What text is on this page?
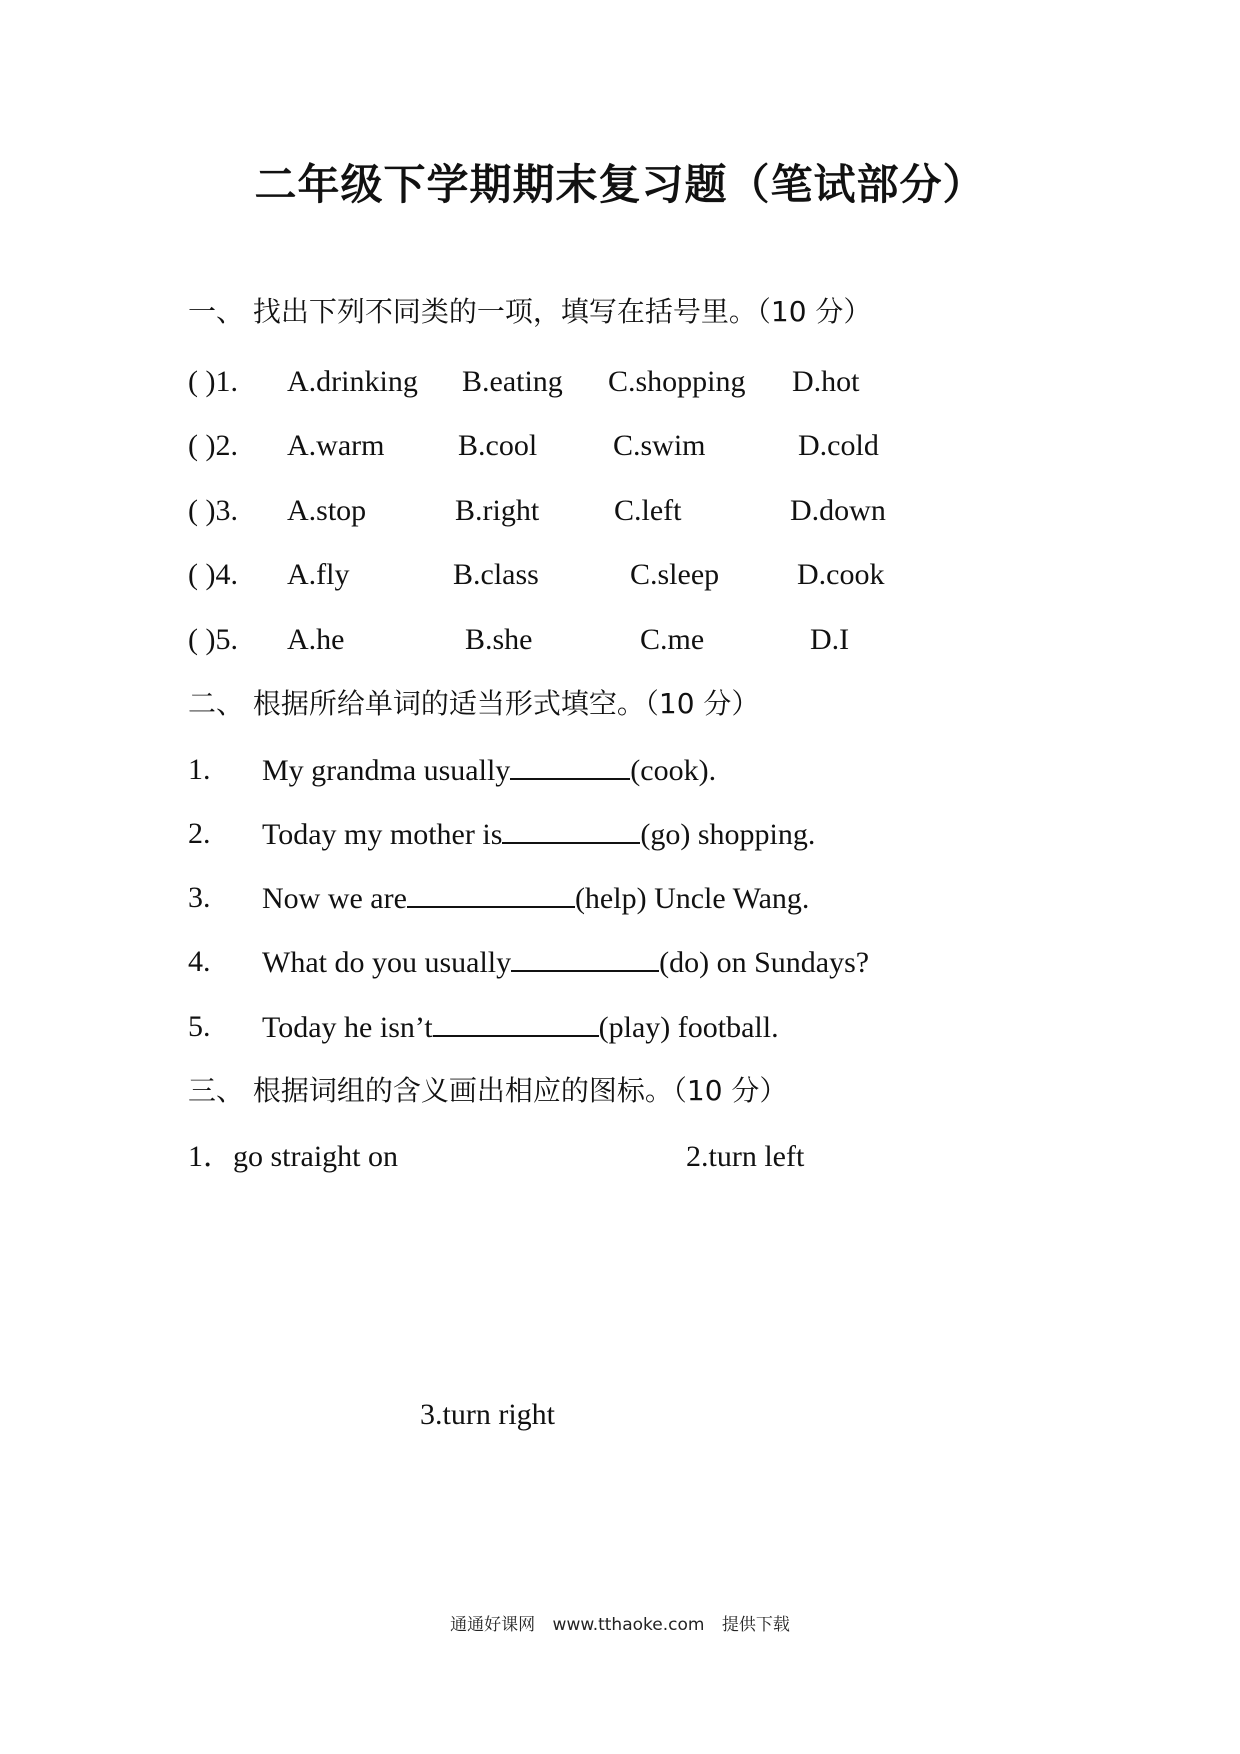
二年级下学期期末复习题（笔试部分）
一、 找出下列不同类的一项，填写在括号里。（10 分）
( )1. A.drinking B.eating C.shopping D.hot
( )2. A.warm B.cool	C.swim	D.cold
( )3. A.stop	B.right C.left	D.down
( )4. A.fly	B.class	C.sleep	D.cook
( )5. A.he	B.she	C.me	D.I
二、 根据所给单词的适当形式填空。（10 分）
1. My grandma usually	(cook).
2. Today my mother is	(go) shopping.
3. Now we are	(help) Uncle Wang.
4. What do you usually	(do) on Sundays?
5. Today he isn’t	(play) football.
三、 根据词组的含义画出相应的图标。（10 分）
1．go straight on	2.turn left
3.turn right
通通好课网 www.tthaoke.com 提供下载
